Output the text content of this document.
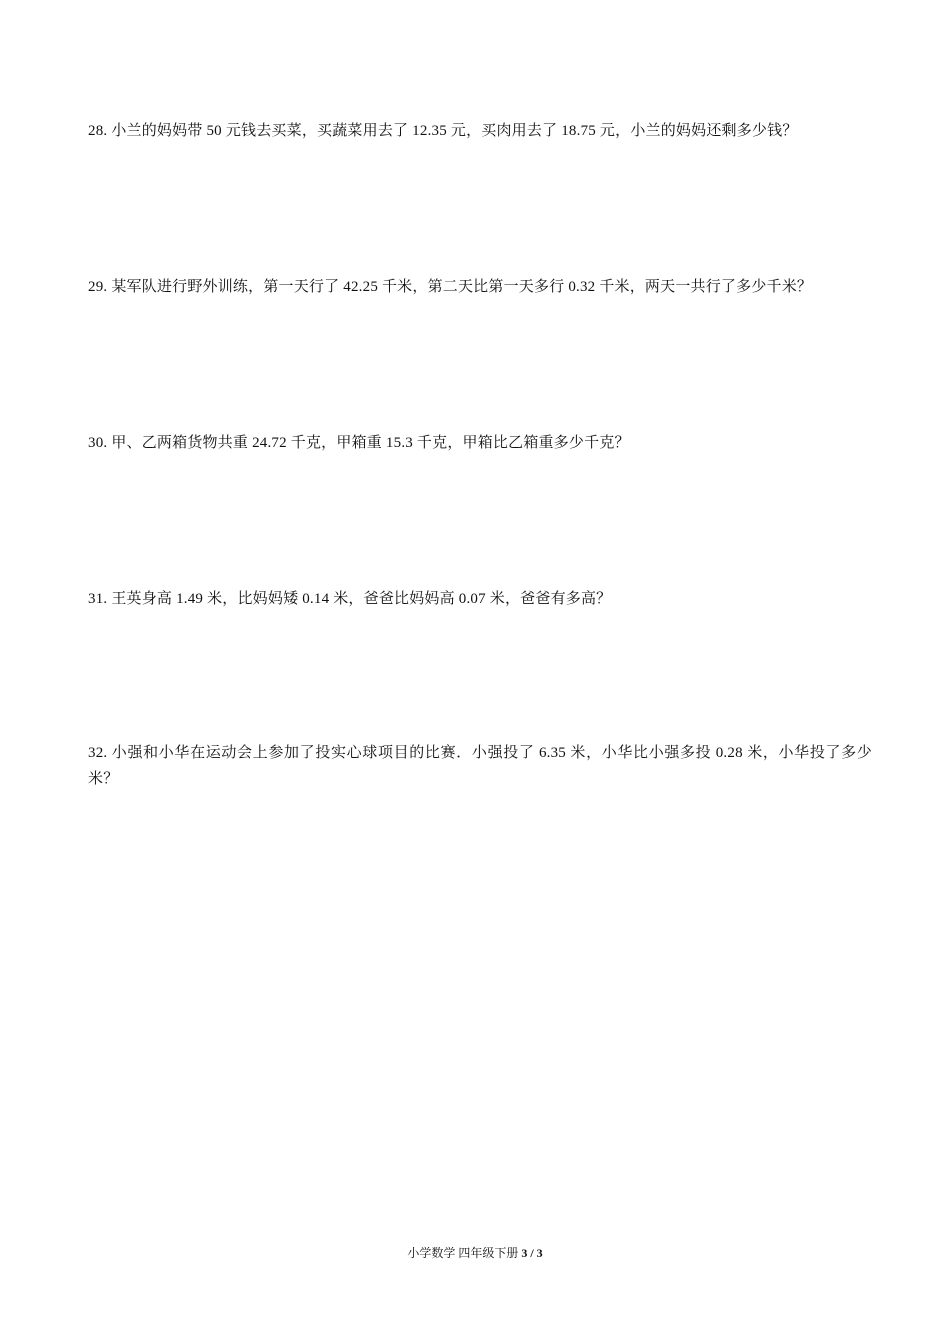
28. 小兰的妈妈带 50 元钱去买菜，买蔬菜用去了 12.35 元，买肉用去了 18.75 元，小兰的妈妈还剩多少钱？
29. 某军队进行野外训练，第一天行了 42.25 千米，第二天比第一天多行 0.32 千米，两天一共行了多少千米？
30. 甲、乙两箱货物共重 24.72 千克，甲箱重 15.3 千克，甲箱比乙箱重多少千克？
31. 王英身高 1.49 米，比妈妈矮 0.14 米，爸爸比妈妈高 0.07 米，爸爸有多高？
32. 小强和小华在运动会上参加了投实心球项目的比赛．小强投了 6.35 米，小华比小强多投 0.28 米，小华投了多少米？
小学数学 四年级下册 3 / 3
